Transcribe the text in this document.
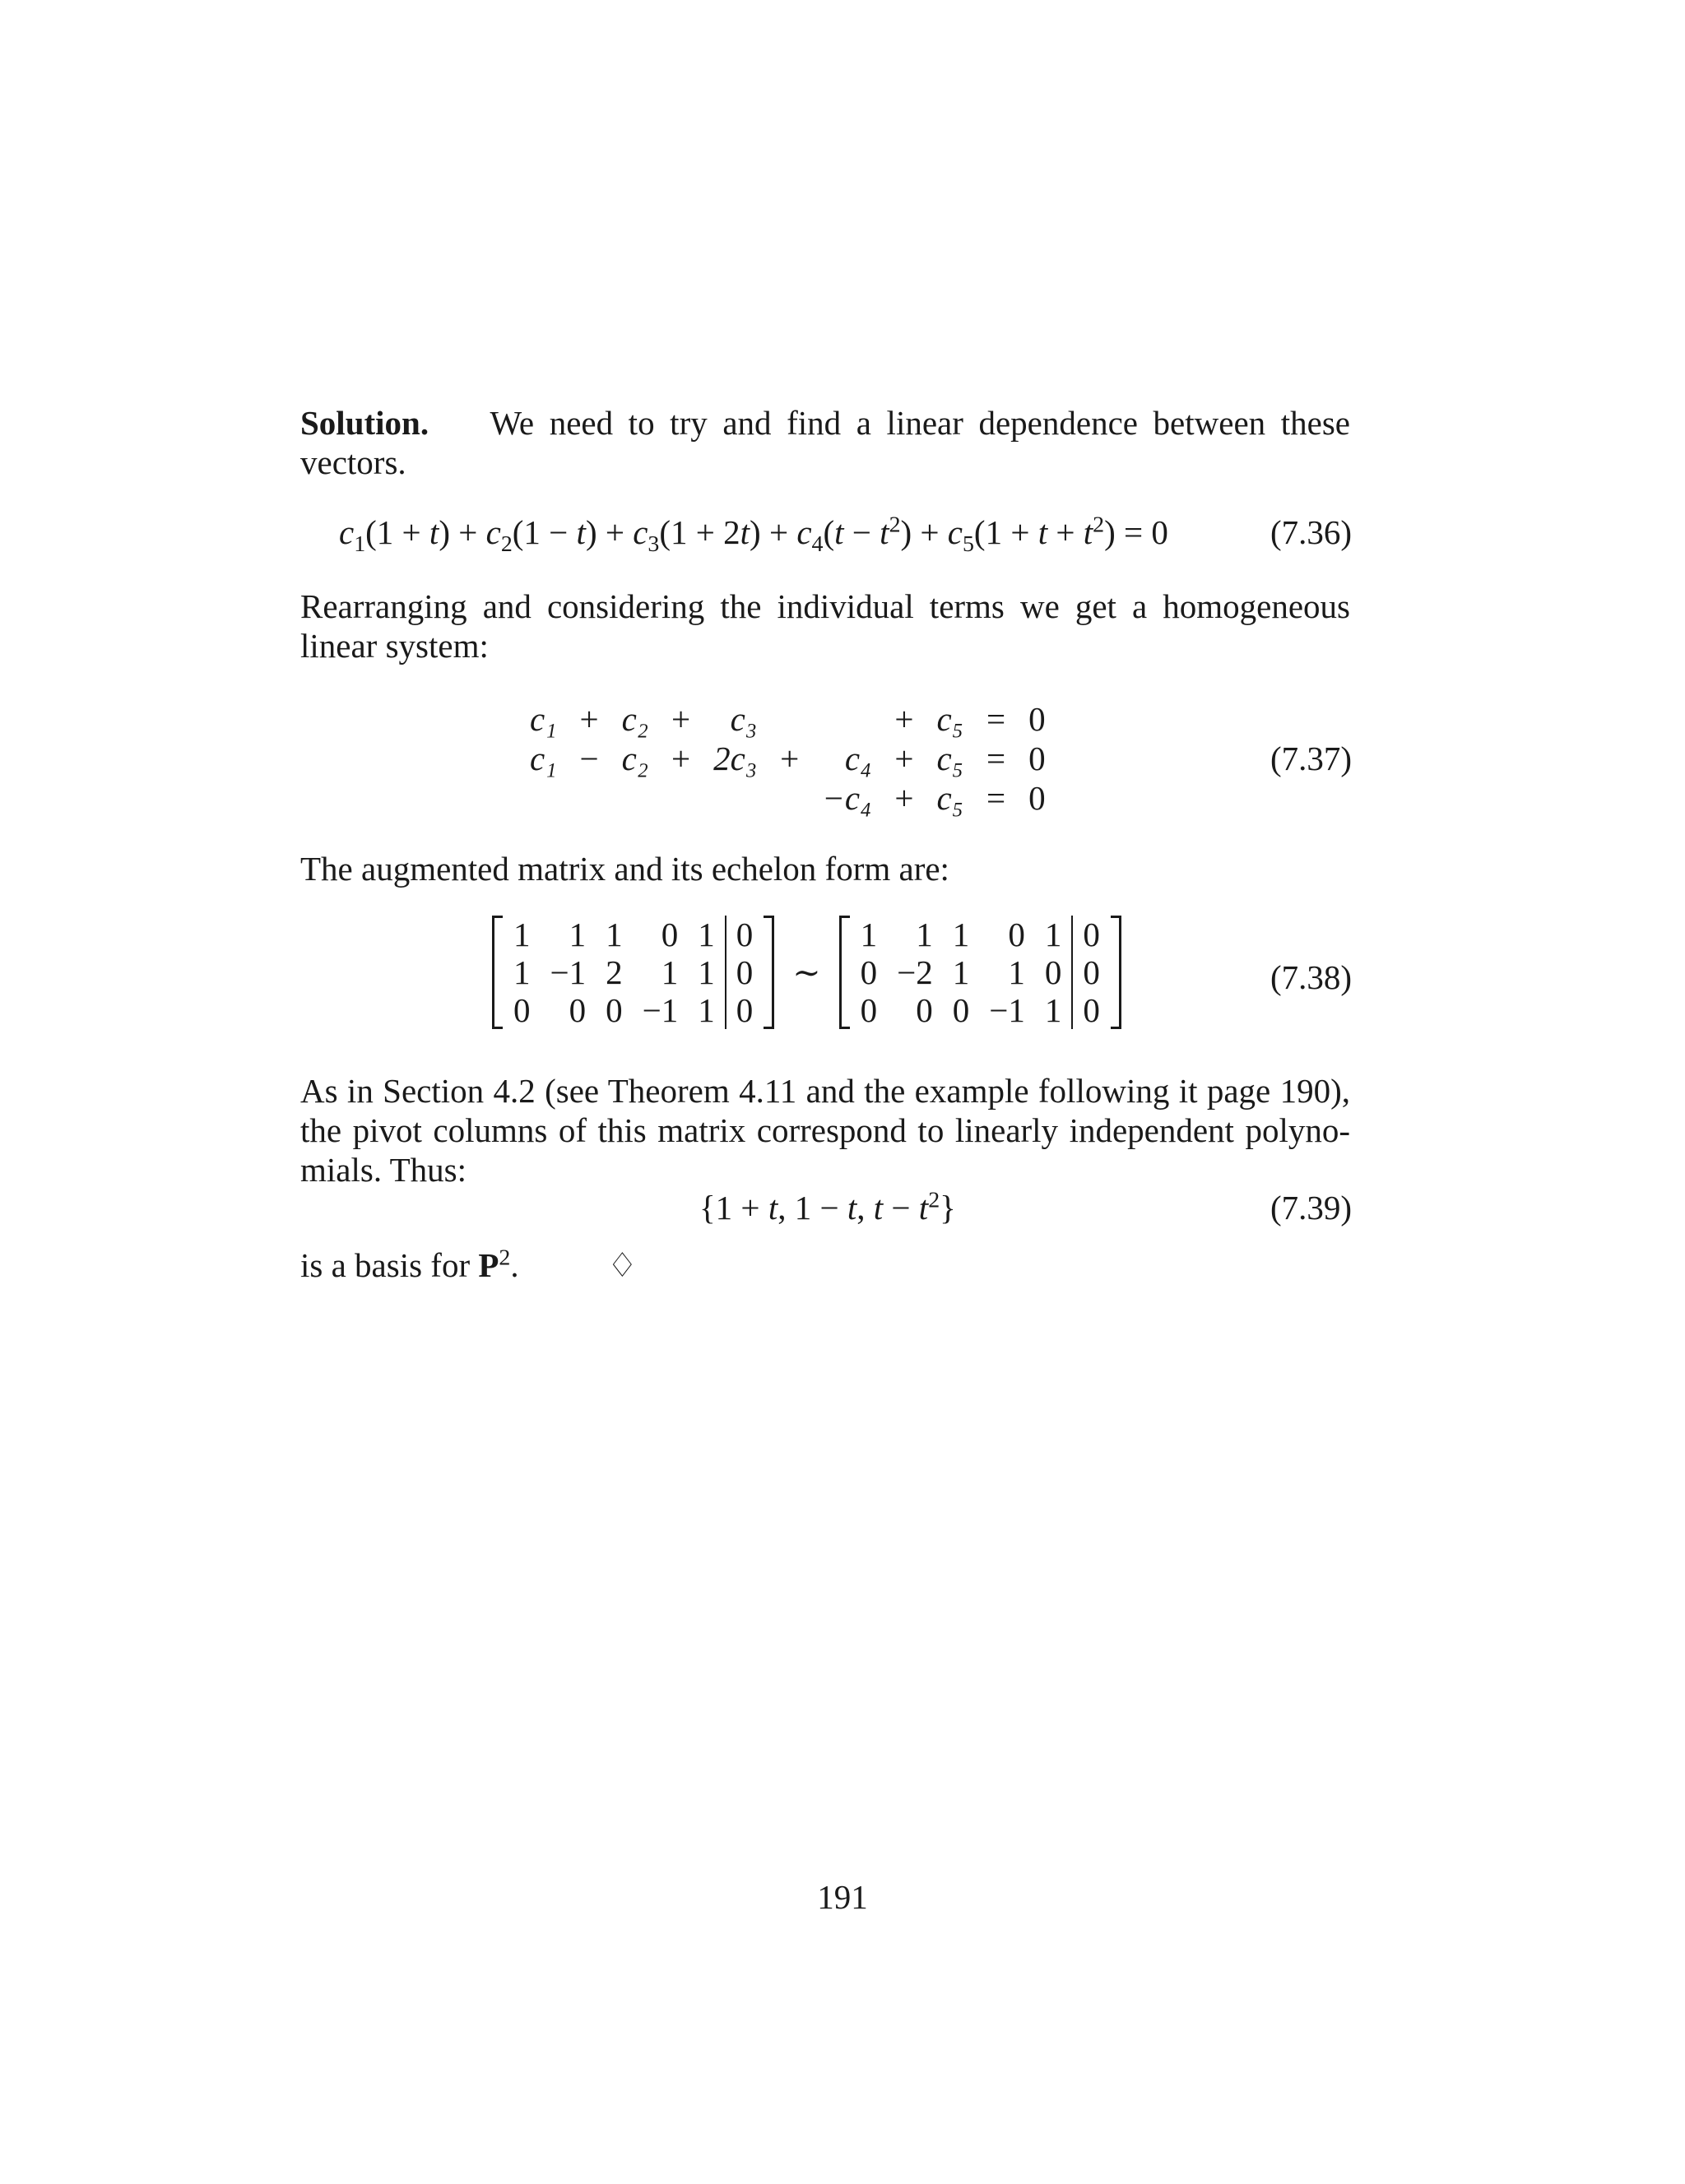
Solution. We need to try and find a linear dependence between these
vectors.
$c_1(1 + t) + c_2(1 - t) + c_3(1 + 2t) + c_4(t - t^2) + c_5(1 + t + t^2) = 0$	(7.36)
Rearranging and considering the individual terms we get a homogeneous
linear system:
c₁	+	c₂	+	c₃			+	c₅	=	0
c₁	−	c₂	+	2c₃	+	c₄	+	c₅	=	0
						−c₄	+	c₅	=	0
(7.37)
The augmented matrix and its echelon form are:
1	1	1	0	1	0
1	−1	2	1	1	0
0	0	0	−1	1	0
∼
1	1	1	0	1	0
0	−2	1	1	0	0
0	0	0	−1	1	0
(7.38)
As in Section 4.2 (see Theorem 4.11 and the example following it page 190),
the pivot columns of this matrix correspond to linearly independent polyno-
mials. Thus:
{1 + t, 1 − t, $t - t^2$}	(7.39)
is a basis for $P^2$.	♢
191
